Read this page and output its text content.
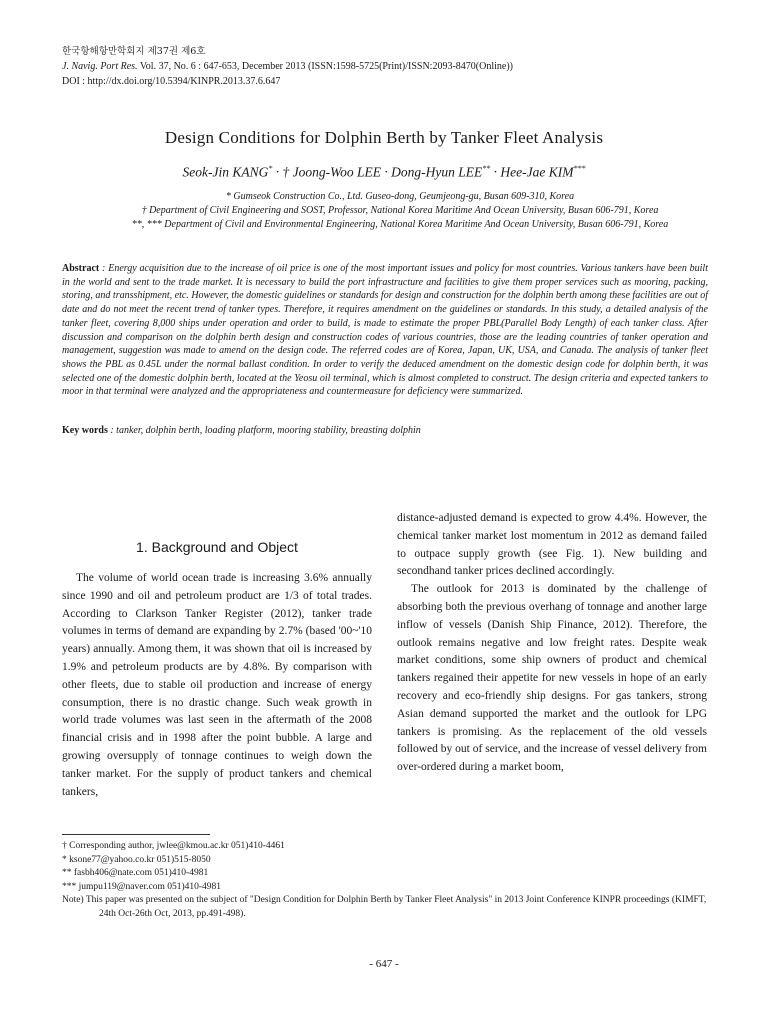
한국항해항만학회지 제37권 제6호
J. Navig. Port Res. Vol. 37, No. 6 : 647-653, December 2013 (ISSN:1598-5725(Print)/ISSN:2093-8470(Online))
DOI : http://dx.doi.org/10.5394/KINPR.2013.37.6.647
Design Conditions for Dolphin Berth by Tanker Fleet Analysis
Seok-Jin KANG* · † Joong-Woo LEE · Dong-Hyun LEE** · Hee-Jae KIM***
* Gumseok Construction Co., Ltd. Guseo-dong, Geumjeong-gu, Busan 609-310, Korea
† Department of Civil Engineering and SOST, Professor, National Korea Maritime And Ocean University, Busan 606-791, Korea
**, *** Department of Civil and Environmental Engineering, National Korea Maritime And Ocean University, Busan 606-791, Korea
Abstract : Energy acquisition due to the increase of oil price is one of the most important issues and policy for most countries. Various tankers have been built in the world and sent to the trade market. It is necessary to build the port infrastructure and facilities to give them proper services such as mooring, packing, storing, and transshipment, etc. However, the domestic guidelines or standards for design and construction for the dolphin berth among these facilities are out of date and do not meet the recent trend of tanker types. Therefore, it requires amendment on the guidelines or standards. In this study, a detailed analysis of the tanker fleet, covering 8,000 ships under operation and order to build, is made to estimate the proper PBL(Parallel Body Length) of each tanker class. After discussion and comparison on the dolphin berth design and construction codes of various countries, those are the leading countries of tanker operation and management, suggestion was made to amend on the design code. The referred codes are of Korea, Japan, UK, USA, and Canada. The analysis of tanker fleet shows the PBL as 0.45L under the normal ballast condition. In order to verify the deduced amendment on the domestic design code for dolphin berth, it was selected one of the domestic dolphin berth, located at the Yeosu oil terminal, which is almost completed to construct. The design criteria and expected tankers to moor in that terminal were analyzed and the appropriateness and countermeasure for deficiency were summarized.
Key words : tanker, dolphin berth, loading platform, mooring stability, breasting dolphin
1. Background and Object

The volume of world ocean trade is increasing 3.6% annually since 1990 and oil and petroleum product are 1/3 of total trades. According to Clarkson Tanker Register (2012), tanker trade volumes in terms of demand are expanding by 2.7% (based '00~'10 years) annually. Among them, it was shown that oil is increased by 1.9% and petroleum products are by 4.8%. By comparison with other fleets, due to stable oil production and increase of energy consumption, there is no drastic change. Such weak growth in world trade volumes was last seen in the aftermath of the 2008 financial crisis and in 1998 after the point bubble. A large and growing oversupply of tonnage continues to weigh down the tanker market. For the supply of product tankers and chemical tankers,

distance-adjusted demand is expected to grow 4.4%. However, the chemical tanker market lost momentum in 2012 as demand failed to outpace supply growth (see Fig. 1). New building and secondhand tanker prices declined accordingly.

The outlook for 2013 is dominated by the challenge of absorbing both the previous overhang of tonnage and another large inflow of vessels (Danish Ship Finance, 2012). Therefore, the outlook remains negative and low freight rates. Despite weak market conditions, some ship owners of product and chemical tankers regained their appetite for new vessels in hope of an early recovery and eco-friendly ship designs. For gas tankers, strong Asian demand supported the market and the outlook for LPG tankers is promising. As the replacement of the old vessels followed by out of service, and the increase of vessel delivery from over-ordered during a market boom,

† Corresponding author, jwlee@kmou.ac.kr 051)410-4461
* ksone77@yahoo.co.kr 051)515-8050
** fasbh406@nate.com 051)410-4981
*** jumpu119@naver.com 051)410-4981
Note) This paper was presented on the subject of "Design Condition for Dolphin Berth by Tanker Fleet Analysis" in 2013 Joint Conference KINPR proceedings (KIMFT, 24th Oct-26th Oct, 2013, pp.491-498).
- 647 -
